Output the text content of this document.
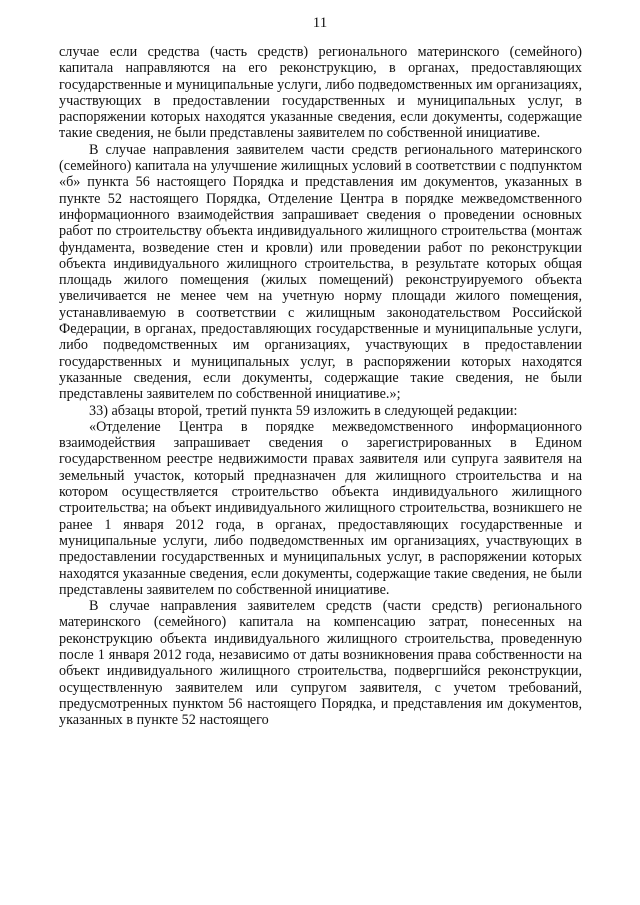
11

случае если средства (часть средств) регионального материнского (семейного) капитала направляются на его реконструкцию, в органах, предоставляющих государственные и муниципальные услуги, либо подведомственных им организациях, участвующих в предоставлении государственных и муниципальных услуг, в распоряжении которых находятся указанные сведения, если документы, содержащие такие сведения, не были представлены заявителем по собственной инициативе.

В случае направления заявителем части средств регионального материнского (семейного) капитала на улучшение жилищных условий в соответствии с подпунктом «б» пункта 56 настоящего Порядка и представления им документов, указанных в пункте 52 настоящего Порядка, Отделение Центра в порядке межведомственного информационного взаимодействия запрашивает сведения о проведении основных работ по строительству объекта индивидуального жилищного строительства (монтаж фундамента, возведение стен и кровли) или проведении работ по реконструкции объекта индивидуального жилищного строительства, в результате которых общая площадь жилого помещения (жилых помещений) реконструируемого объекта увеличивается не менее чем на учетную норму площади жилого помещения, устанавливаемую в соответствии с жилищным законодательством Российской Федерации, в органах, предоставляющих государственные и муниципальные услуги, либо подведомственных им организациях, участвующих в предоставлении государственных и муниципальных услуг, в распоряжении которых находятся указанные сведения, если документы, содержащие такие сведения, не были представлены заявителем по собственной инициативе.»;

33) абзацы второй, третий пункта 59 изложить в следующей редакции:

«Отделение Центра в порядке межведомственного информационного взаимодействия запрашивает сведения о зарегистрированных в Едином государственном реестре недвижимости правах заявителя или супруга заявителя на земельный участок, который предназначен для жилищного строительства и на котором осуществляется строительство объекта индивидуального жилищного строительства; на объект индивидуального жилищного строительства, возникшего не ранее 1 января 2012 года, в органах, предоставляющих государственные и муниципальные услуги, либо подведомственных им организациях, участвующих в предоставлении государственных и муниципальных услуг, в распоряжении которых находятся указанные сведения, если документы, содержащие такие сведения, не были представлены заявителем по собственной инициативе.

В случае направления заявителем средств (части средств) регионального материнского (семейного) капитала на компенсацию затрат, понесенных на реконструкцию объекта индивидуального жилищного строительства, проведенную после 1 января 2012 года, независимо от даты возникновения права собственности на объект индивидуального жилищного строительства, подвергшийся реконструкции, осуществленную заявителем или супругом заявителя, с учетом требований, предусмотренных пунктом 56 настоящего Порядка, и представления им документов, указанных в пункте 52 настоящего
